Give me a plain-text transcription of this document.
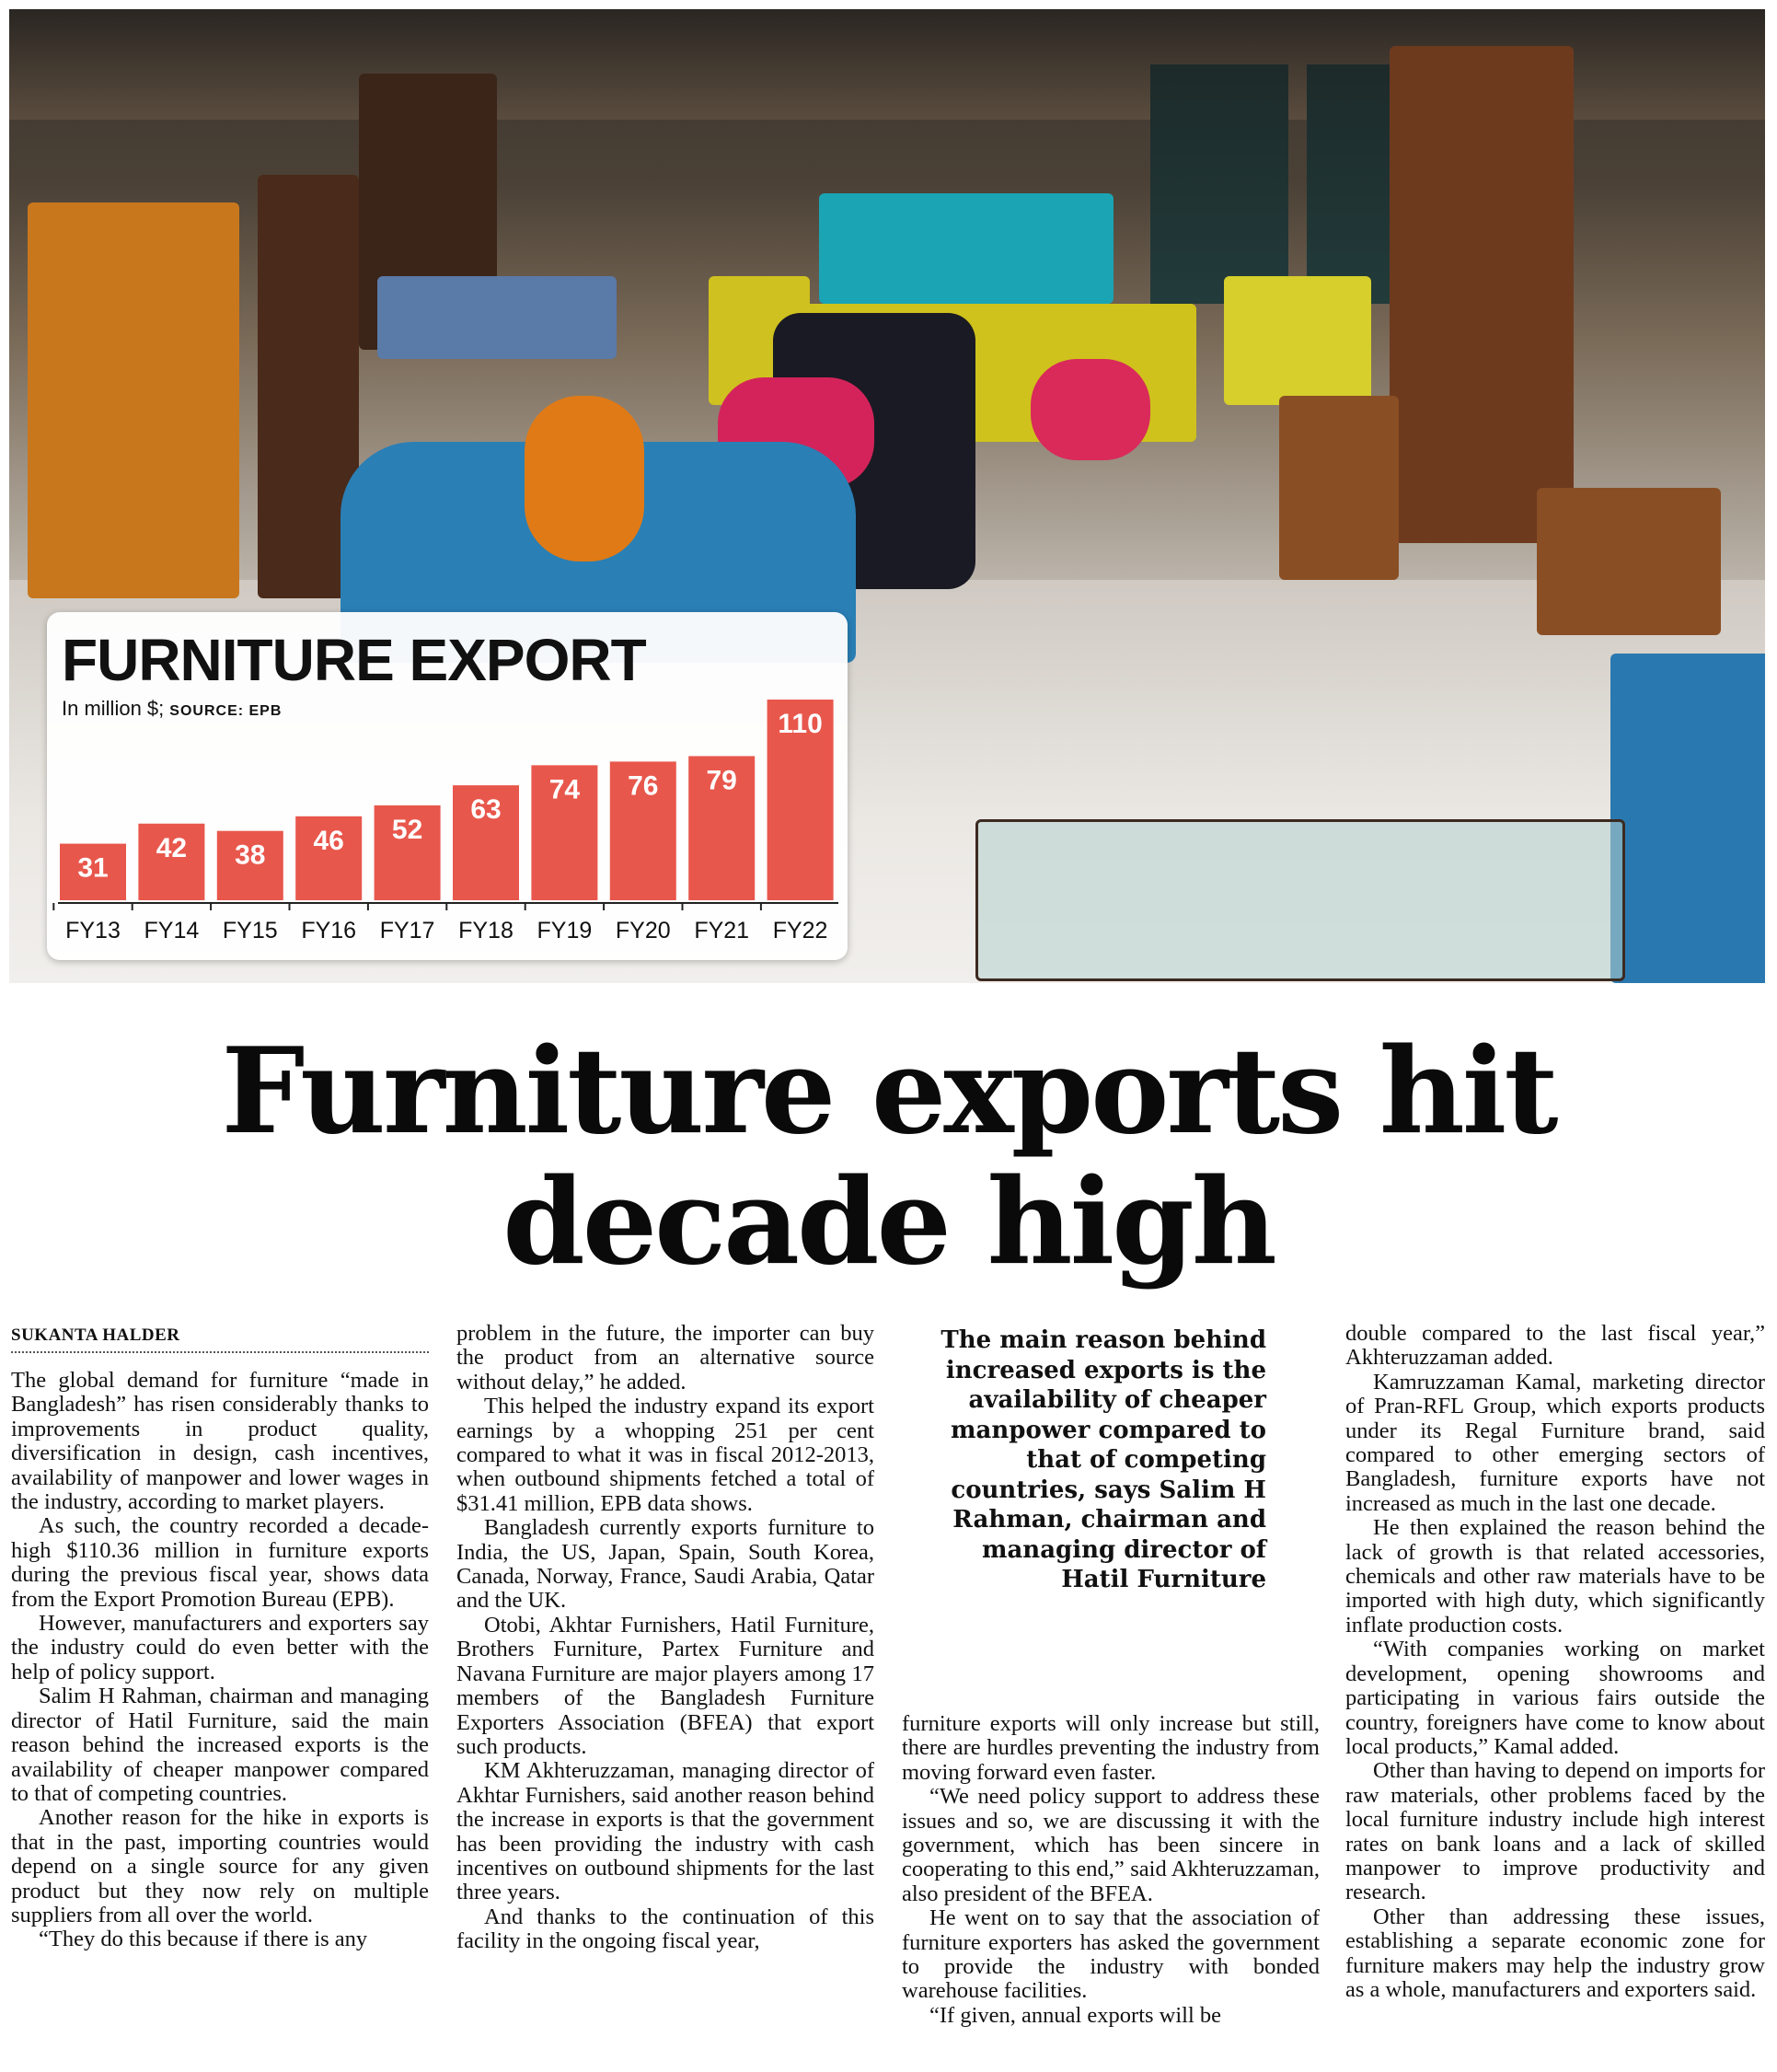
FURNITURE EXPORT
In million $; SOURCE: EPB
31
FY13
42
FY14
38
FY15
46
FY16
52
FY17
63
FY18
74
FY19
76
FY20
79
FY21
110
FY22
Furniture exports hit
decade high
SUKANTA HALDER

The global demand for furniture “made in Bangladesh” has risen considerably thanks to improvements in product quality, diversification in design, cash incentives, availability of manpower and lower wages in the industry, according to market players.

As such, the country recorded a decade-high $110.36 million in furniture exports during the previous fiscal year, shows data from the Export Promotion Bureau (EPB).

However, manufacturers and exporters say the industry could do even better with the help of policy support.

Salim H Rahman, chairman and managing director of Hatil Furniture, said the main reason behind the increased exports is the availability of cheaper manpower compared to that of competing countries.

Another reason for the hike in exports is that in the past, importing countries would depend on a single source for any given product but they now rely on multiple suppliers from all over the world.

“They do this because if there is any

problem in the future, the importer can buy the product from an alternative source without delay,” he added.

This helped the industry expand its export earnings by a whopping 251 per cent compared to what it was in fiscal 2012-2013, when outbound shipments fetched a total of $31.41 million, EPB data shows.

Bangladesh currently exports furniture to India, the US, Japan, Spain, South Korea, Canada, Norway, France, Saudi Arabia, Qatar and the UK.

Otobi, Akhtar Furnishers, Hatil Furniture, Brothers Furniture, Partex Furniture and Navana Furniture are major players among 17 members of the Bangladesh Furniture Exporters Association (BFEA) that export such products.

KM Akhteruzzaman, managing director of Akhtar Furnishers, said another reason behind the increase in exports is that the government has been providing the industry with cash incentives on outbound shipments for the last three years.

And thanks to the continuation of this facility in the ongoing fiscal year,

The main reason behind increased exports is the availability of cheaper manpower compared to that of competing countries, says Salim H Rahman, chairman and managing director of Hatil Furniture

furniture exports will only increase but still, there are hurdles preventing the industry from moving forward even faster.

“We need policy support to address these issues and so, we are discussing it with the government, which has been sincere in cooperating to this end,” said Akhteruzzaman, also president of the BFEA.

He went on to say that the association of furniture exporters has asked the government to provide the industry with bonded warehouse facilities.

“If given, annual exports will be

double compared to the last fiscal year,” Akhteruzzaman added.

Kamruzzaman Kamal, marketing director of Pran-RFL Group, which exports products under its Regal Furniture brand, said compared to other emerging sectors of Bangladesh, furniture exports have not increased as much in the last one decade.

He then explained the reason behind the lack of growth is that related accessories, chemicals and other raw materials have to be imported with high duty, which significantly inflate production costs.

“With companies working on market development, opening showrooms and participating in various fairs outside the country, foreigners have come to know about local products,” Kamal added.

Other than having to depend on imports for raw materials, other problems faced by the local furniture industry include high interest rates on bank loans and a lack of skilled manpower to improve productivity and research.

Other than addressing these issues, establishing a separate economic zone for furniture makers may help the industry grow as a whole, manufacturers and exporters said.
